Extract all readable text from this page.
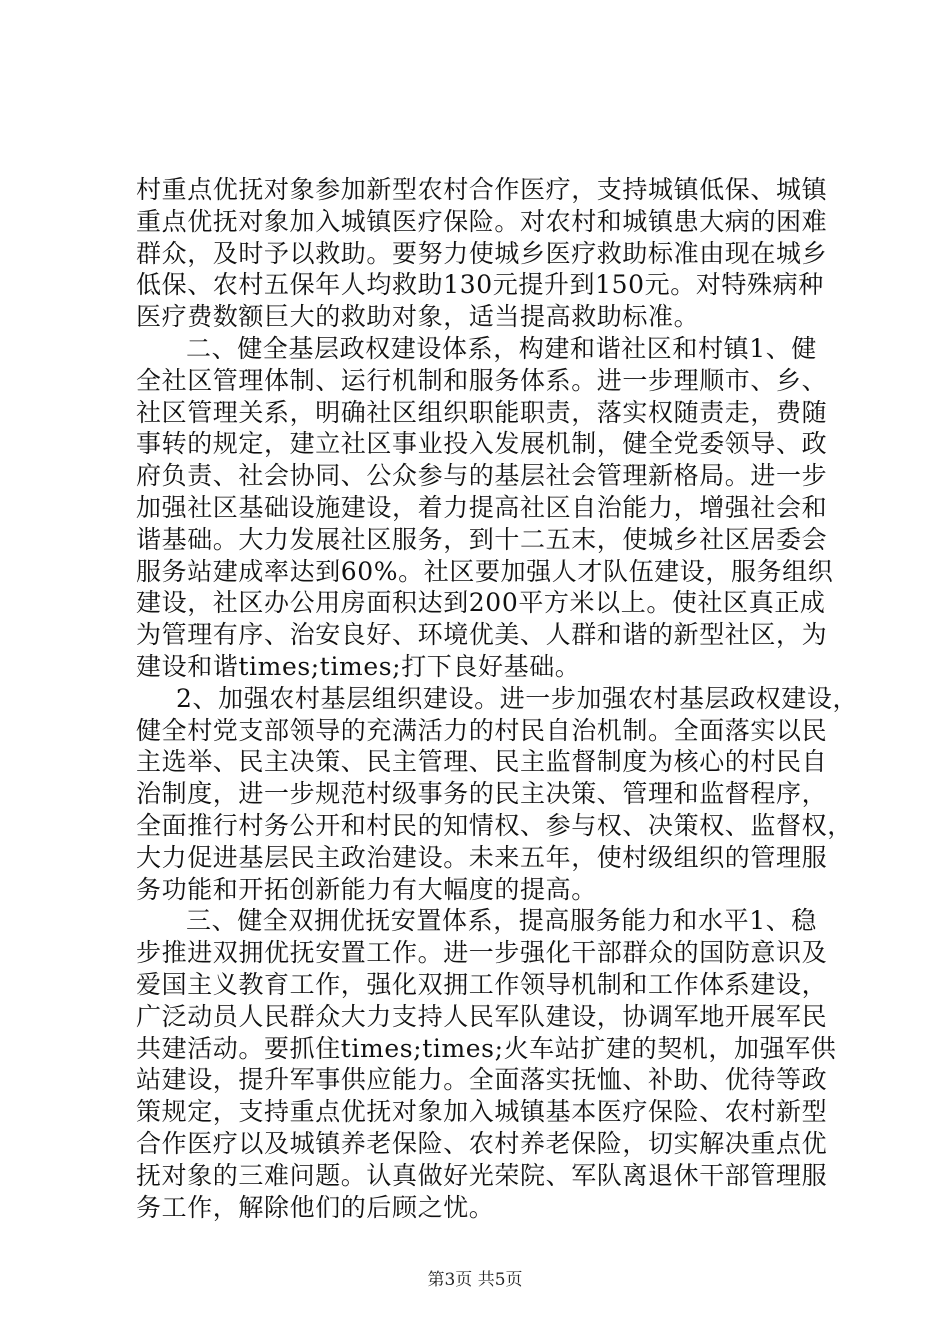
村重点优抚对象参加新型农村合作医疗，支持城镇低保、城镇
重点优抚对象加入城镇医疗保险。对农村和城镇患大病的困难
群众，及时予以救助。要努力使城乡医疗救助标准由现在城乡
低保、农村五保年人均救助130元提升到150元。对特殊病种
医疗费数额巨大的救助对象，适当提高救助标准。
二、健全基层政权建设体系，构建和谐社区和村镇1、健
全社区管理体制、运行机制和服务体系。进一步理顺市、乡、
社区管理关系，明确社区组织职能职责，落实权随责走，费随
事转的规定，建立社区事业投入发展机制，健全党委领导、政
府负责、社会协同、公众参与的基层社会管理新格局。进一步
加强社区基础设施建设，着力提高社区自治能力，增强社会和
谐基础。大力发展社区服务，到十二五末，使城乡社区居委会
服务站建成率达到60%。社区要加强人才队伍建设，服务组织
建设，社区办公用房面积达到200平方米以上。使社区真正成
为管理有序、治安良好、环境优美、人群和谐的新型社区，为
建设和谐times;times;打下良好基础。
2、加强农村基层组织建设。进一步加强农村基层政权建设，
健全村党支部领导的充满活力的村民自治机制。全面落实以民
主选举、民主决策、民主管理、民主监督制度为核心的村民自
治制度，进一步规范村级事务的民主决策、管理和监督程序，
全面推行村务公开和村民的知情权、参与权、决策权、监督权，
大力促进基层民主政治建设。未来五年，使村级组织的管理服
务功能和开拓创新能力有大幅度的提高。
三、健全双拥优抚安置体系，提高服务能力和水平1、稳
步推进双拥优抚安置工作。进一步强化干部群众的国防意识及
爱国主义教育工作，强化双拥工作领导机制和工作体系建设，
广泛动员人民群众大力支持人民军队建设，协调军地开展军民
共建活动。要抓住times;times;火车站扩建的契机，加强军供
站建设，提升军事供应能力。全面落实抚恤、补助、优待等政
策规定，支持重点优抚对象加入城镇基本医疗保险、农村新型
合作医疗以及城镇养老保险、农村养老保险，切实解决重点优
抚对象的三难问题。认真做好光荣院、军队离退休干部管理服
务工作，解除他们的后顾之忧。
第3页 共5页
